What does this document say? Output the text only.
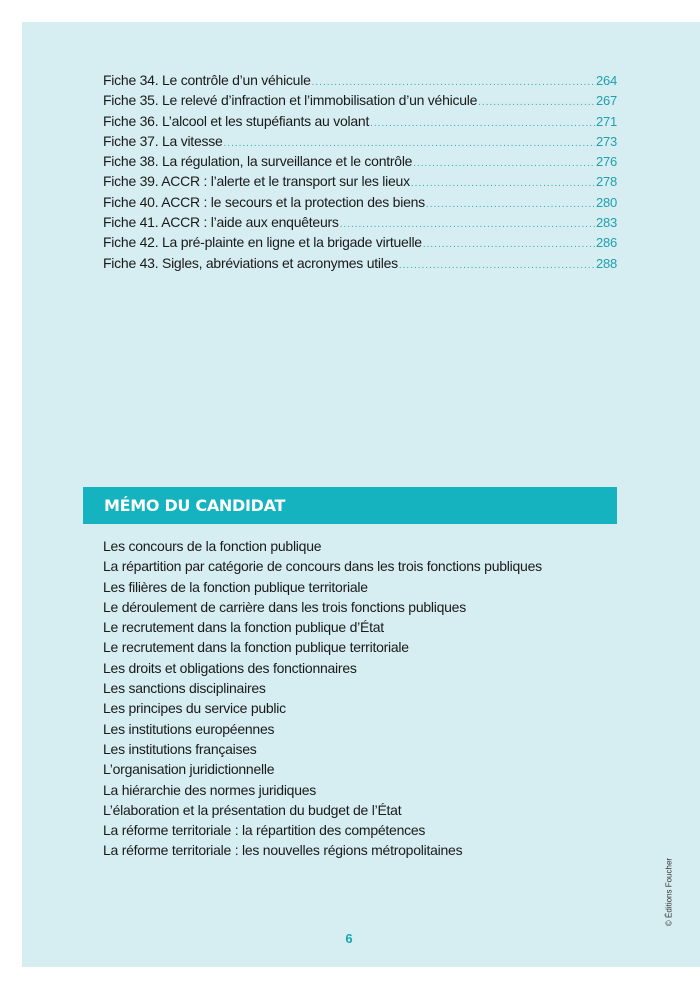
Fiche 34. Le contrôle d’un véhicule .....	264
Fiche 35. Le relevé d’infraction et l’immobilisation d’un véhicule .....	267
Fiche 36. L’alcool et les stupéfiants au volant .....	271
Fiche 37. La vitesse .....	273
Fiche 38. La régulation, la surveillance et le contrôle .....	276
Fiche 39. ACCR : l’alerte et le transport sur les lieux .....	278
Fiche 40. ACCR : le secours et la protection des biens .....	280
Fiche 41. ACCR : l’aide aux enquêteurs .....	283
Fiche 42. La pré-plainte en ligne et la brigade virtuelle .....	286
Fiche 43. Sigles, abréviations et acronymes utiles .....	288
MÉMO DU CANDIDAT
Les concours de la fonction publique
La répartition par catégorie de concours dans les trois fonctions publiques
Les filières de la fonction publique territoriale
Le déroulement de carrière dans les trois fonctions publiques
Le recrutement dans la fonction publique d’État
Le recrutement dans la fonction publique territoriale
Les droits et obligations des fonctionnaires
Les sanctions disciplinaires
Les principes du service public
Les institutions européennes
Les institutions françaises
L’organisation juridictionnelle
La hiérarchie des normes juridiques
L’élaboration et la présentation du budget de l’État
La réforme territoriale : la répartition des compétences
La réforme territoriale : les nouvelles régions métropolitaines
© Éditions Foucher
6
